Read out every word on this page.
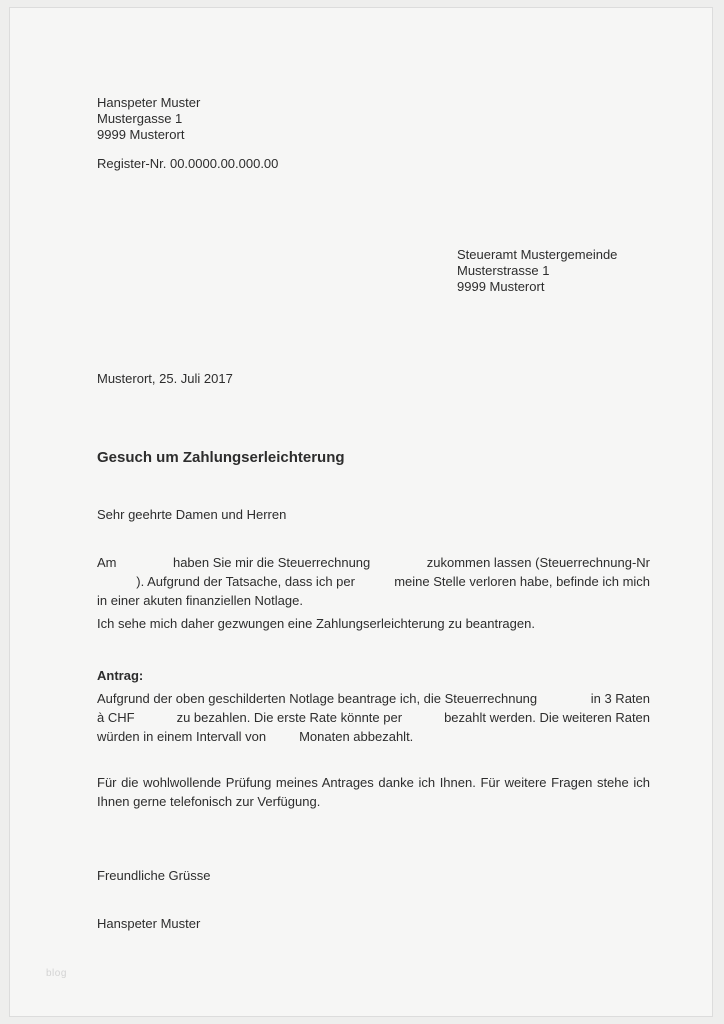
Hanspeter Muster
Mustergasse 1
9999 Musterort
Register-Nr. 00.0000.00.000.00
Steueramt Mustergemeinde
Musterstrasse 1
9999 Musterort
Musterort, 25. Juli 2017
Gesuch um Zahlungserleichterung
Sehr geehrte Damen und Herren
Am	haben Sie mir die Steuerrechnung	zukommen lassen (Steuerrechnung-Nr
). Aufgrund der Tatsache, dass ich per	meine Stelle verloren habe, befinde ich mich
in einer akuten finanziellen Notlage.
Ich sehe mich daher gezwungen eine Zahlungserleichterung zu beantragen.
Antrag:
Aufgrund der oben geschilderten Notlage beantrage ich, die Steuerrechnung	in 3 Raten
à CHF	zu bezahlen. Die erste Rate könnte per	bezahlt werden. Die weiteren Raten
würden in einem Intervall von	Monaten abbezahlt.
Für die wohlwollende Prüfung meines Antrages danke ich Ihnen. Für weitere Fragen stehe ich Ihnen gerne telefonisch zur Verfügung.
Freundliche Grüsse
Hanspeter Muster
blog
